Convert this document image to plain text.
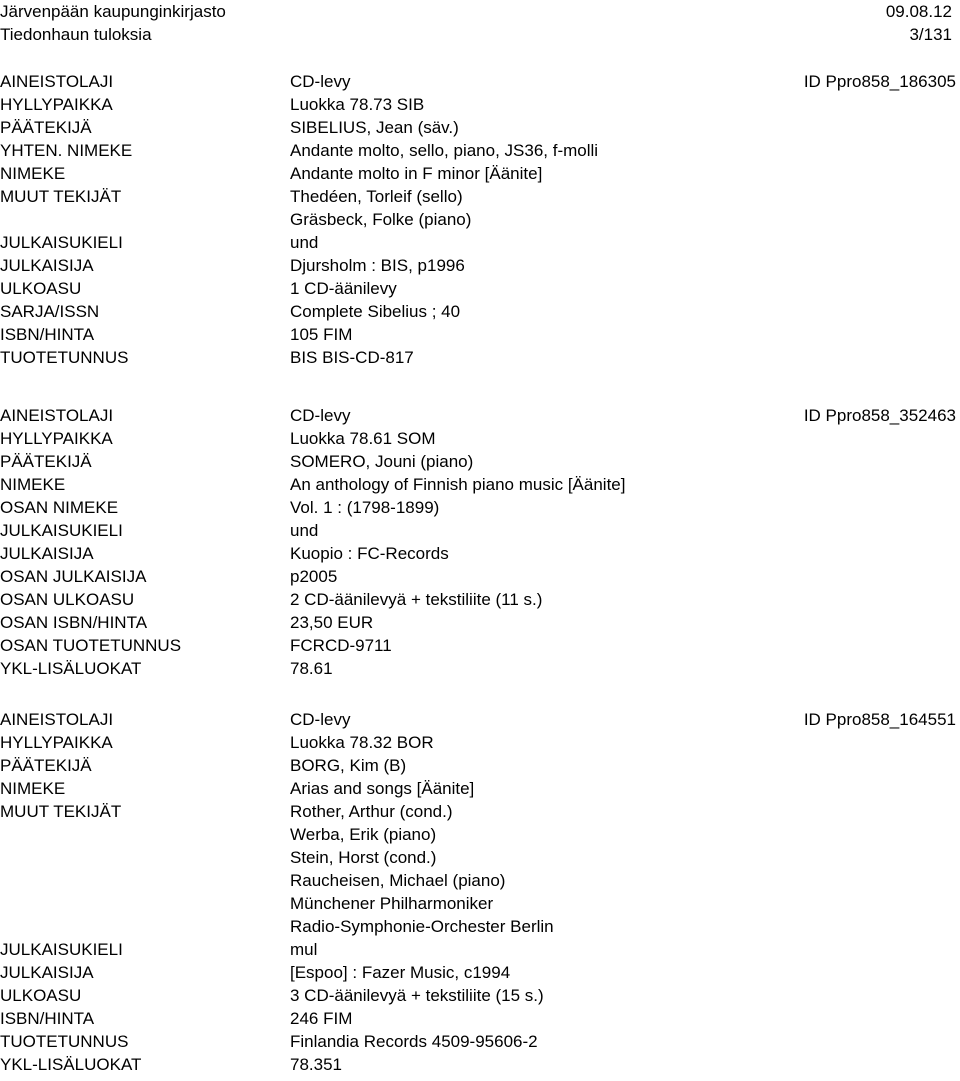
Järvenpään kaupunginkirjasto	09.08.12
Tiedonhaun tuloksia	3/131
AINEISTOLAJI	CD-levy	ID Ppro858_186305
HYLLYPAIKKA	Luokka 78.73 SIB
PÄÄTEKIJÄ	SIBELIUS, Jean (säv.)
YHTEN. NIMEKE	Andante molto, sello, piano, JS36, f-molli
NIMEKE	Andante molto in F minor [Äänite]
MUUT TEKIJÄT	Thedéen, Torleif (sello)
Gräsbeck, Folke (piano)
JULKAISUKIELI	und
JULKAISIJA	Djursholm : BIS, p1996
ULKOASU	1 CD-äänilevy
SARJA/ISSN	Complete Sibelius ; 40
ISBN/HINTA	105 FIM
TUOTETUNNUS	BIS BIS-CD-817
AINEISTOLAJI	CD-levy	ID Ppro858_352463
HYLLYPAIKKA	Luokka 78.61 SOM
PÄÄTEKIJÄ	SOMERO, Jouni (piano)
NIMEKE	An anthology of Finnish piano music [Äänite]
OSAN NIMEKE	Vol. 1 : (1798-1899)
JULKAISUKIELI	und
JULKAISIJA	Kuopio : FC-Records
OSAN JULKAISIJA	p2005
OSAN ULKOASU	2 CD-äänilevyä + tekstiliite (11 s.)
OSAN ISBN/HINTA	23,50 EUR
OSAN TUOTETUNNUS	FCRCD-9711
YKL-LISÄLUOKAT	78.61
AINEISTOLAJI	CD-levy	ID Ppro858_164551
HYLLYPAIKKA	Luokka 78.32 BOR
PÄÄTEKIJÄ	BORG, Kim (B)
NIMEKE	Arias and songs [Äänite]
MUUT TEKIJÄT	Rother, Arthur (cond.)
Werba, Erik (piano)
Stein, Horst (cond.)
Raucheisen, Michael (piano)
Münchener Philharmoniker
Radio-Symphonie-Orchester Berlin
JULKAISUKIELI	mul
JULKAISIJA	[Espoo] : Fazer Music, c1994
ULKOASU	3 CD-äänilevyä + tekstiliite (15 s.)
ISBN/HINTA	246 FIM
TUOTETUNNUS	Finlandia Records 4509-95606-2
YKL-LISÄLUOKAT	78.351
